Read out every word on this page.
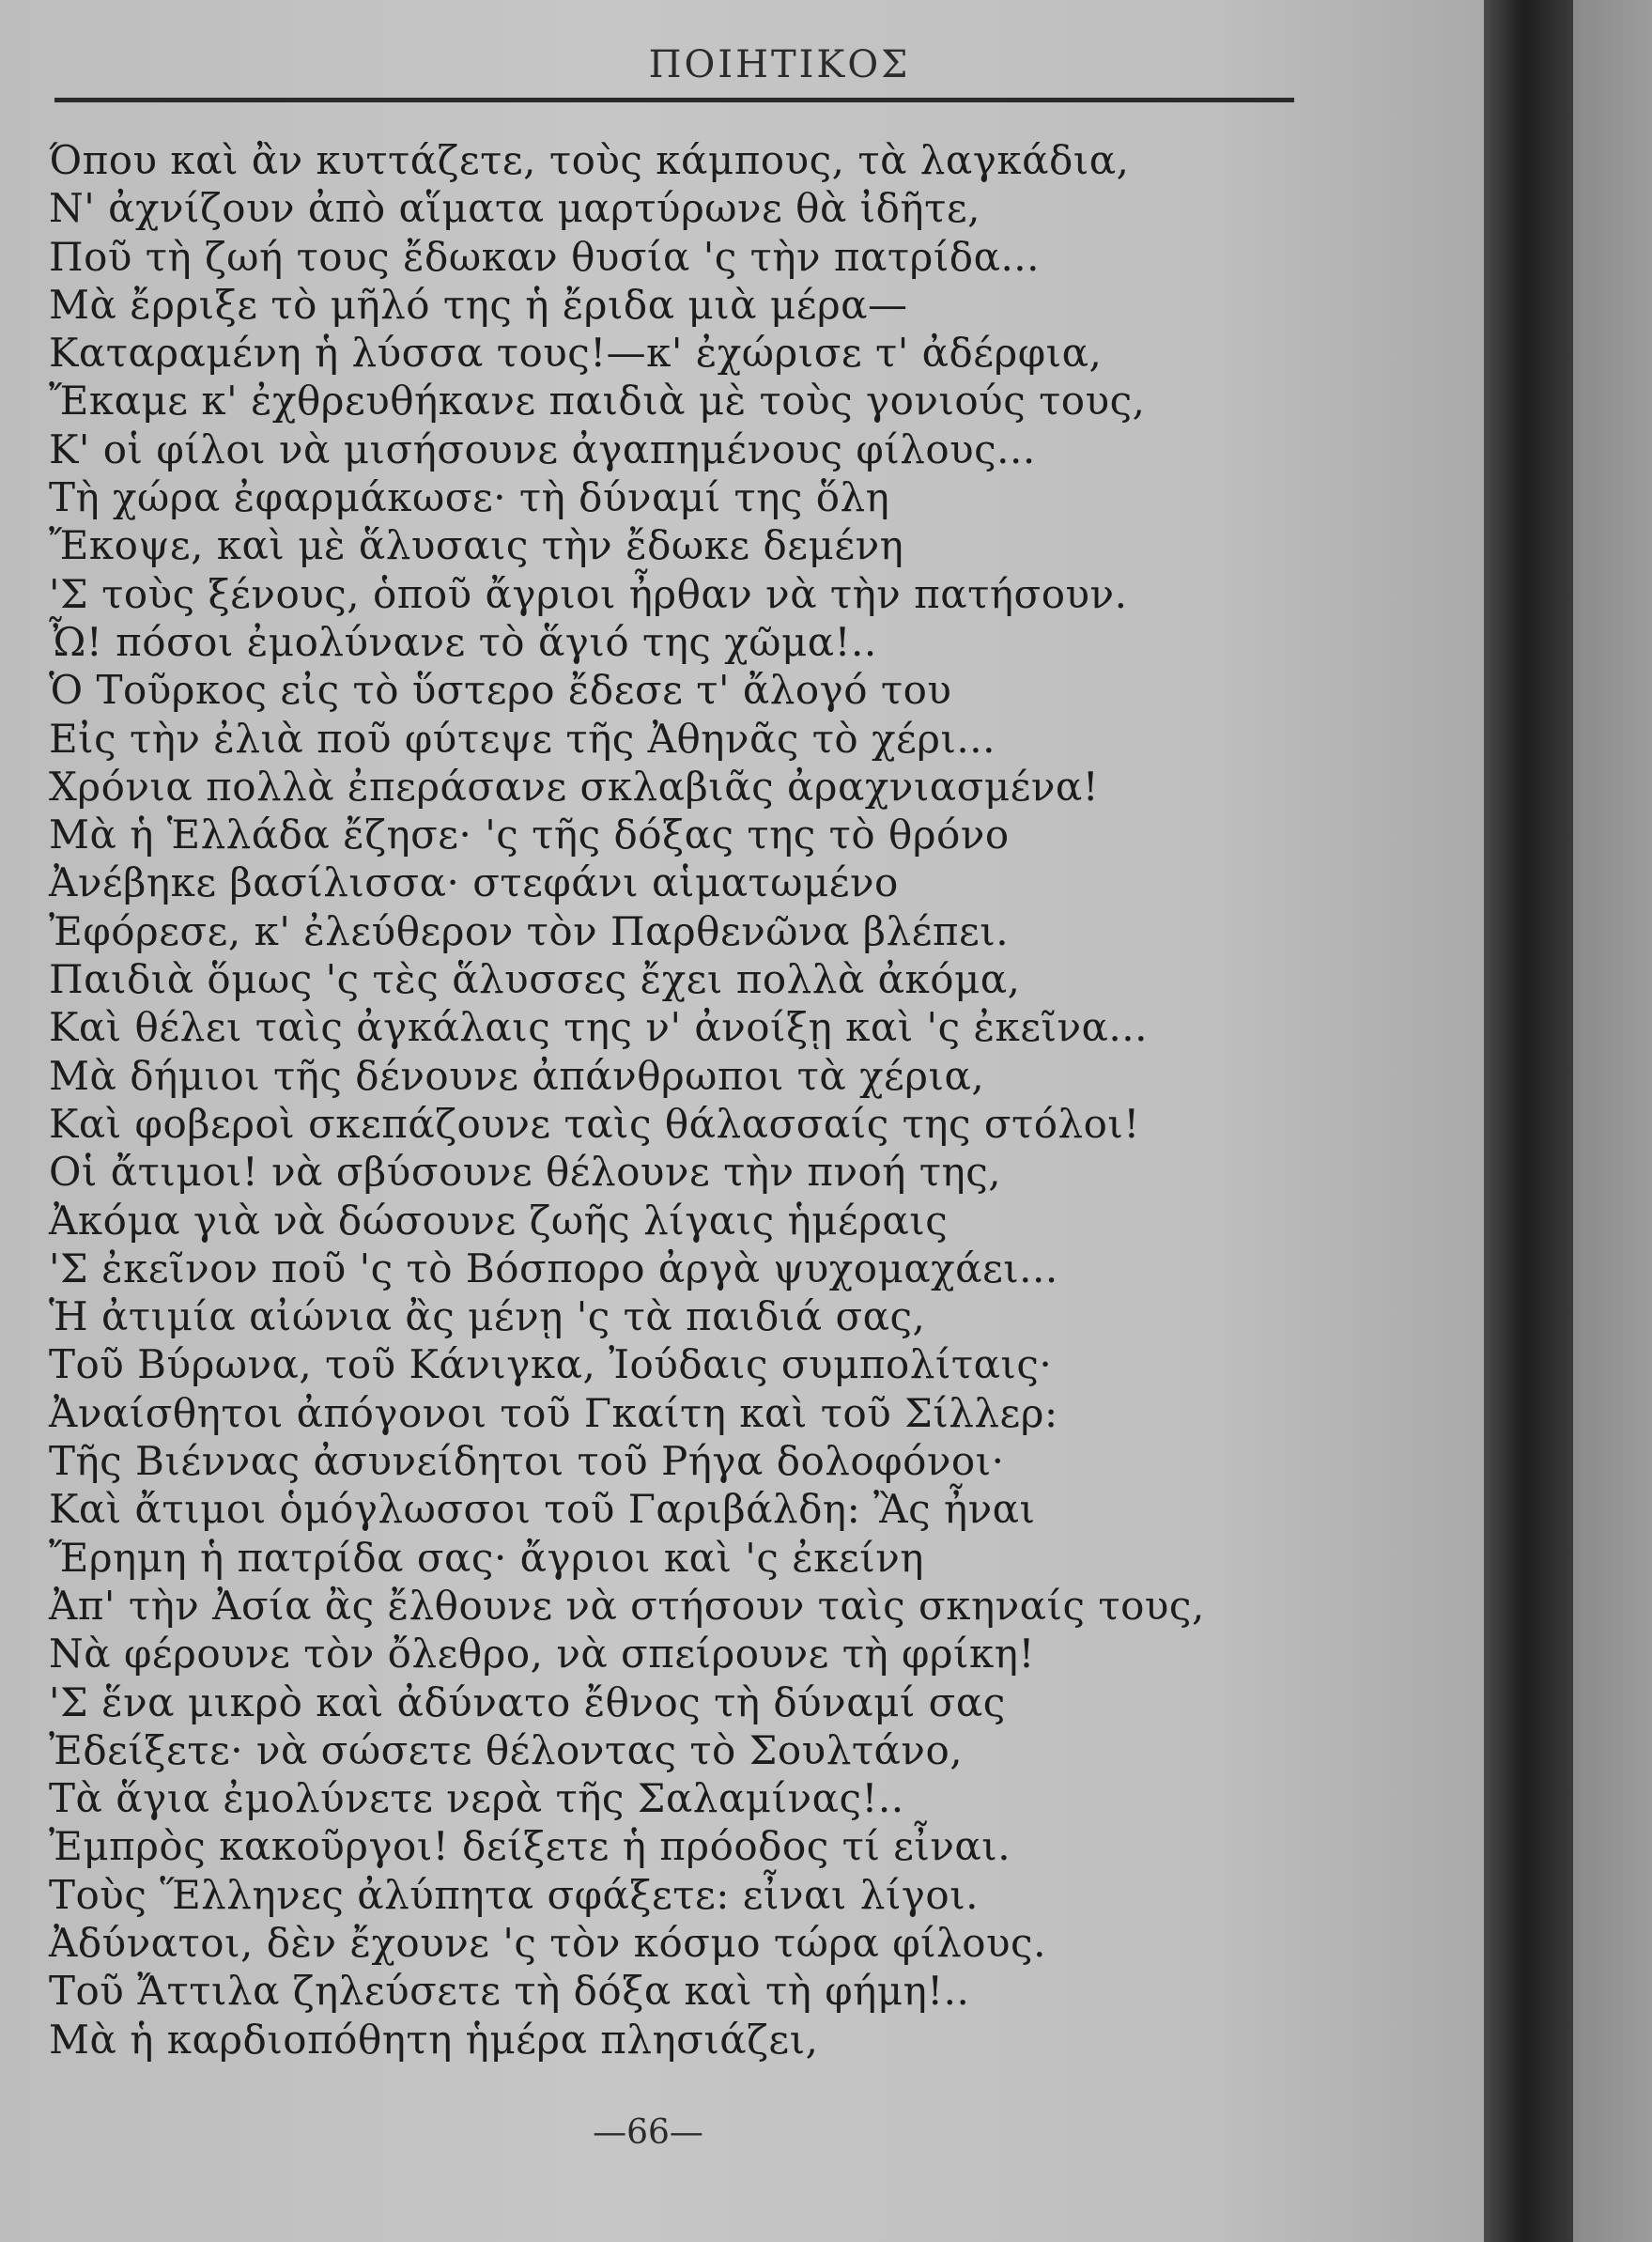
ΠΟΙΗΤΙΚΟΣ
Όπου καὶ ἂν κυττάζετε, τοὺς κάμπους, τὰ λαγκάδια,
Ν' ἀχνίζουν ἀπὸ αἵματα μαρτύρωνε θὰ ἰδῆτε,
Ποῦ τὴ ζωή τους ἔδωκαν θυσία 'ς τὴν πατρίδα...
Μὰ ἔρριξε τὸ μῆλό της ἡ ἔριδα μιὰ μέρα—
Καταραμένη ἡ λύσσα τους!—κ' ἐχώρισε τ' ἀδέρφια,
Ἔκαμε κ' ἐχθρευθήκανε παιδιὰ μὲ τοὺς γονιούς τους,
Κ' οἱ φίλοι νὰ μισήσουνε ἀγαπημένους φίλους...
Τὴ χώρα ἐφαρμάκωσε· τὴ δύναμί της ὅλη
Ἔκοψε, καὶ μὲ ἅλυσαις τὴν ἔδωκε δεμένη
'Σ τοὺς ξένους, ὁποῦ ἄγριοι ἦρθαν νὰ τὴν πατήσουν.
Ὦ! πόσοι ἐμολύνανε τὸ ἅγιό της χῶμα!..
Ὁ Τοῦρκος εἰς τὸ ὕστερο ἔδεσε τ' ἄλογό του
Εἰς τὴν ἐλιὰ ποῦ φύτεψε τῆς Ἀθηνᾶς τὸ χέρι...
Χρόνια πολλὰ ἐπεράσανε σκλαβιᾶς ἀραχνιασμένα!
Μὰ ἡ Ἑλλάδα ἔζησε· 'ς τῆς δόξας της τὸ θρόνο
Ἀνέβηκε βασίλισσα· στεφάνι αἱματωμένο
Ἐφόρεσε, κ' ἐλεύθερον τὸν Παρθενῶνα βλέπει.
Παιδιὰ ὅμως 'ς τὲς ἅλυσσες ἔχει πολλὰ ἀκόμα,
Καὶ θέλει ταὶς ἀγκάλαις της ν' ἀνοίξῃ καὶ 'ς ἐκεῖνα...
Μὰ δήμιοι τῆς δένουνε ἀπάνθρωποι τὰ χέρια,
Καὶ φοβεροὶ σκεπάζουνε ταὶς θάλασσαίς της στόλοι!
Οἱ ἄτιμοι! νὰ σβύσουνε θέλουνε τὴν πνοή της,
Ἀκόμα γιὰ νὰ δώσουνε ζωῆς λίγαις ἡμέραις
'Σ ἐκεῖνον ποῦ 'ς τὸ Βόσπορο ἀργὰ ψυχομαχάει...
Ἡ ἀτιμία αἰώνια ἂς μένῃ 'ς τὰ παιδιά σας,
Τοῦ Βύρωνα, τοῦ Κάνιγκα, Ἰούδαις συμπολίταις·
Ἀναίσθητοι ἀπόγονοι τοῦ Γκαίτη καὶ τοῦ Σίλλερ:
Τῆς Βιέννας ἀσυνείδητοι τοῦ Ρήγα δολοφόνοι·
Καὶ ἄτιμοι ὁμόγλωσσοι τοῦ Γαριβάλδη: Ἂς ἦναι
Ἔρημη ἡ πατρίδα σας· ἄγριοι καὶ 'ς ἐκείνη
Ἀπ' τὴν Ἀσία ἂς ἔλθουνε νὰ στήσουν ταὶς σκηναίς τους,
Νὰ φέρουνε τὸν ὄλεθρο, νὰ σπείρουνε τὴ φρίκη!
'Σ ἕνα μικρὸ καὶ ἀδύνατο ἔθνος τὴ δύναμί σας
Ἐδείξετε· νὰ σώσετε θέλοντας τὸ Σουλτάνο,
Τὰ ἅγια ἐμολύνετε νερὰ τῆς Σαλαμίνας!..
Ἐμπρὸς κακοῦργοι! δείξετε ἡ πρόοδος τί εἶναι.
Τοὺς Ἕλληνες ἀλύπητα σφάξετε: εἶναι λίγοι.
Ἀδύνατοι, δὲν ἔχουνε 'ς τὸν κόσμο τώρα φίλους.
Τοῦ Ἄττιλα ζηλεύσετε τὴ δόξα καὶ τὴ φήμη!..
Μὰ ἡ καρδιοπόθητη ἡμέρα πλησιάζει,
—66—
